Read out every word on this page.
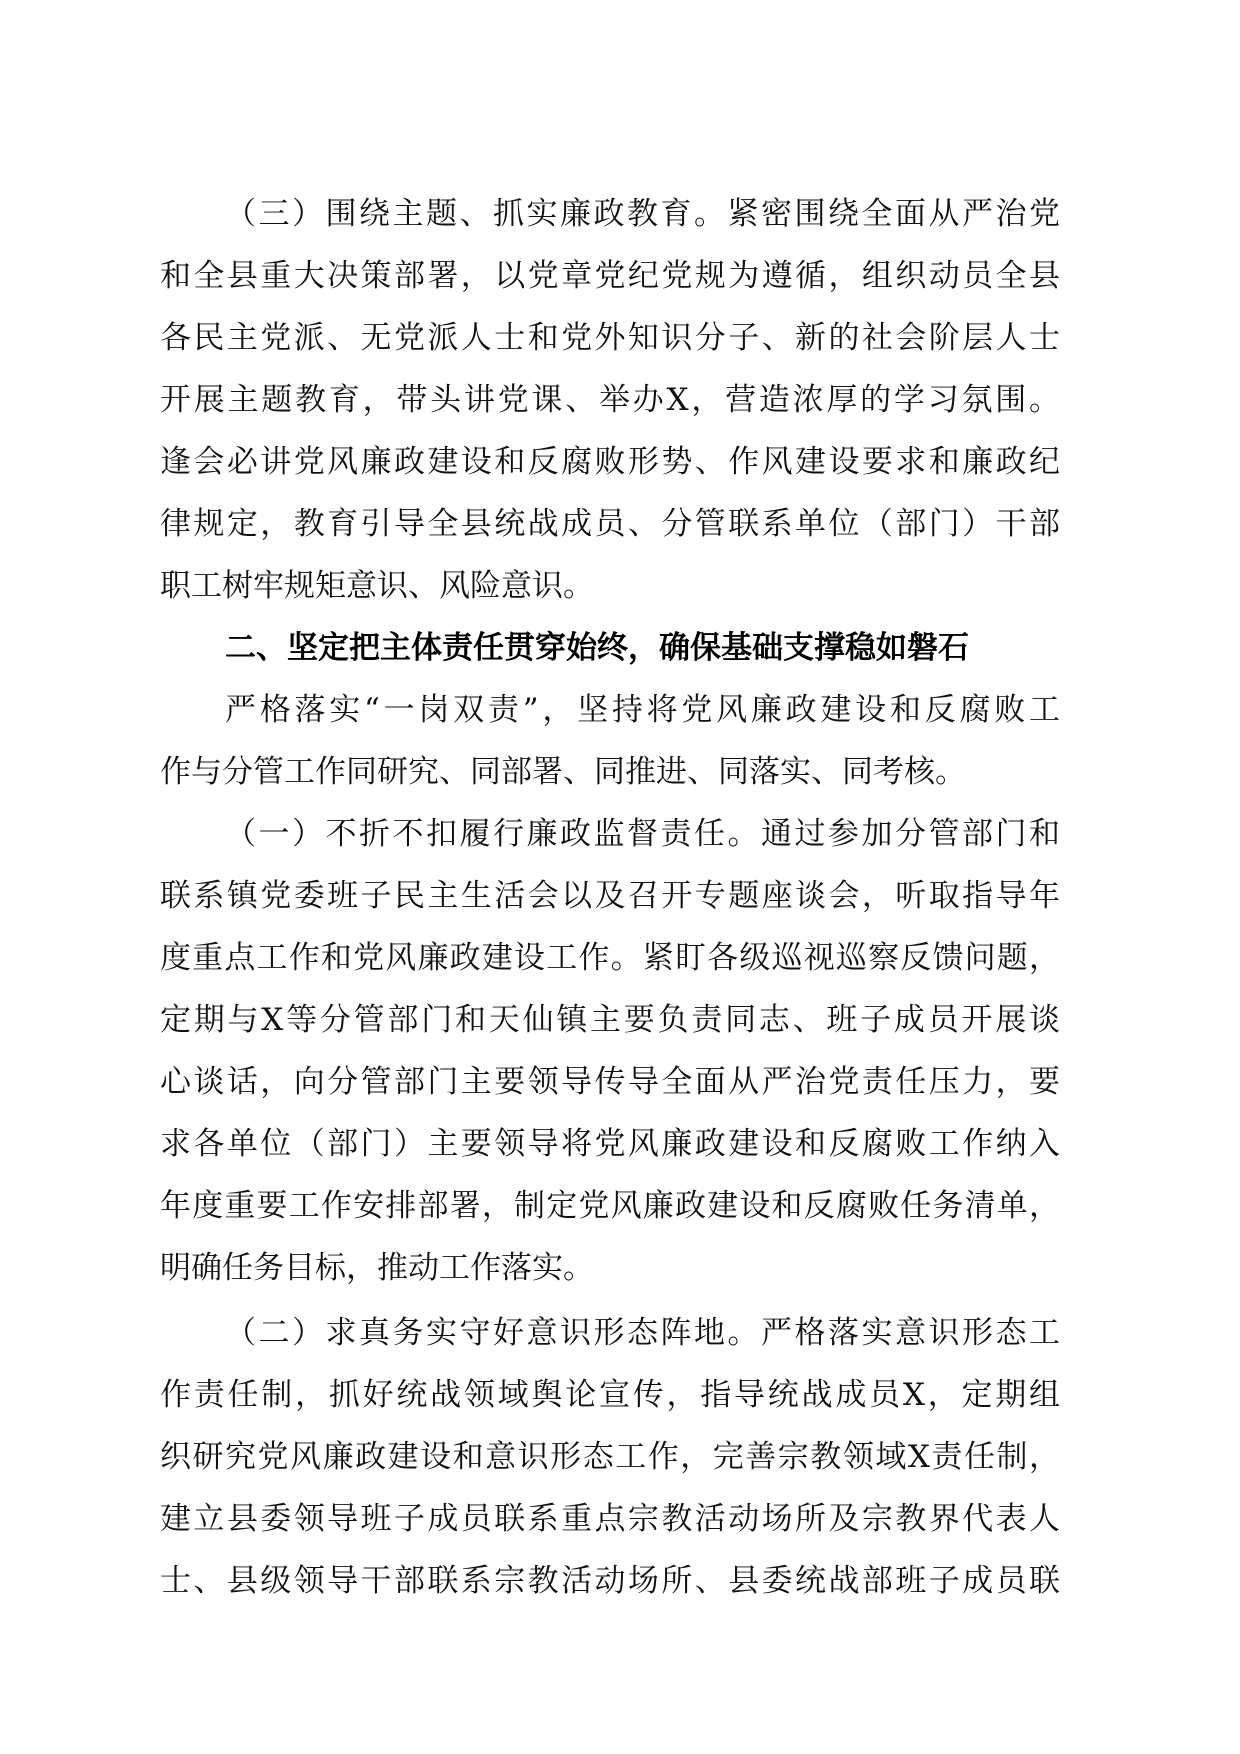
（三）围绕主题、抓实廉政教育。紧密围绕全面从严治党
和全县重大决策部署，以党章党纪党规为遵循，组织动员全县
各民主党派、无党派人士和党外知识分子、新的社会阶层人士
开展主题教育，带头讲党课、举办X，营造浓厚的学习氛围。
逢会必讲党风廉政建设和反腐败形势、作风建设要求和廉政纪
律规定，教育引导全县统战成员、分管联系单位（部门）干部
职工树牢规矩意识、风险意识。
二、坚定把主体责任贯穿始终，确保基础支撑稳如磐石
严格落实“一岗双责”，坚持将党风廉政建设和反腐败工
作与分管工作同研究、同部署、同推进、同落实、同考核。
（一）不折不扣履行廉政监督责任。通过参加分管部门和
联系镇党委班子民主生活会以及召开专题座谈会，听取指导年
度重点工作和党风廉政建设工作。紧盯各级巡视巡察反馈问题，
定期与X等分管部门和天仙镇主要负责同志、班子成员开展谈
心谈话，向分管部门主要领导传导全面从严治党责任压力，要
求各单位（部门）主要领导将党风廉政建设和反腐败工作纳入
年度重要工作安排部署，制定党风廉政建设和反腐败任务清单，
明确任务目标，推动工作落实。
（二）求真务实守好意识形态阵地。严格落实意识形态工
作责任制，抓好统战领域舆论宣传，指导统战成员X，定期组
织研究党风廉政建设和意识形态工作，完善宗教领域X责任制，
建立县委领导班子成员联系重点宗教活动场所及宗教界代表人
士、县级领导干部联系宗教活动场所、县委统战部班子成员联
